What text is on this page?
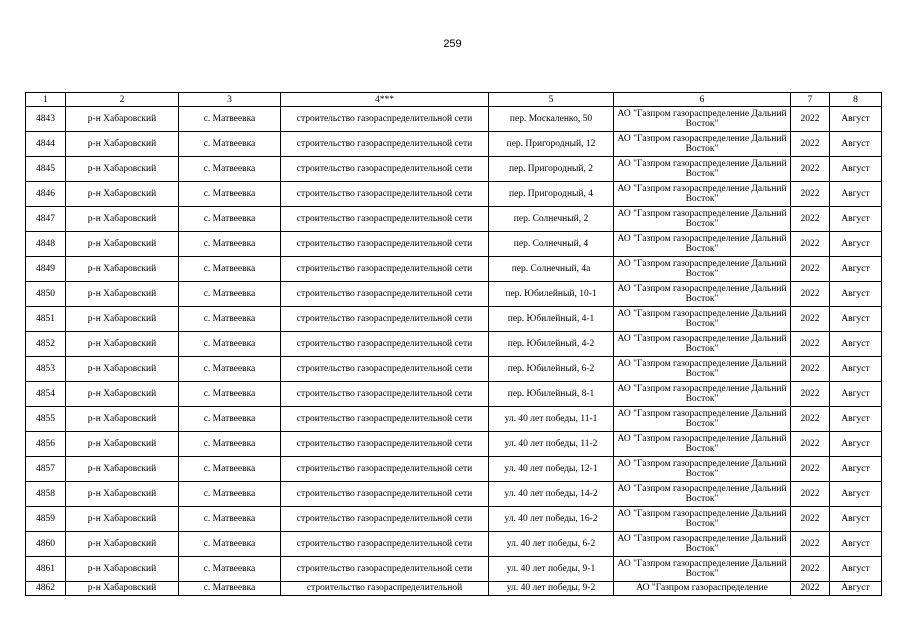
259
1	2	3	4***	5	6	7	8
4843	р-н Хабаровский	с. Матвеевка	строительство газораспределительной сети	пер. Москаленко, 50	АО "Газпром газораспределение Дальний Восток"	2022	Август
4844	р-н Хабаровский	с. Матвеевка	строительство газораспределительной сети	пер. Пригородный, 12	АО "Газпром газораспределение Дальний Восток"	2022	Август
4845	р-н Хабаровский	с. Матвеевка	строительство газораспределительной сети	пер. Пригородный, 2	АО "Газпром газораспределение Дальний Восток"	2022	Август
4846	р-н Хабаровский	с. Матвеевка	строительство газораспределительной сети	пер. Пригородный, 4	АО "Газпром газораспределение Дальний Восток"	2022	Август
4847	р-н Хабаровский	с. Матвеевка	строительство газораспределительной сети	пер. Солнечный, 2	АО "Газпром газораспределение Дальний Восток"	2022	Август
4848	р-н Хабаровский	с. Матвеевка	строительство газораспределительной сети	пер. Солнечный, 4	АО "Газпром газораспределение Дальний Восток"	2022	Август
4849	р-н Хабаровский	с. Матвеевка	строительство газораспределительной сети	пер. Солнечный, 4а	АО "Газпром газораспределение Дальний Восток"	2022	Август
4850	р-н Хабаровский	с. Матвеевка	строительство газораспределительной сети	пер. Юбилейный, 10-1	АО "Газпром газораспределение Дальний Восток"	2022	Август
4851	р-н Хабаровский	с. Матвеевка	строительство газораспределительной сети	пер. Юбилейный, 4-1	АО "Газпром газораспределение Дальний Восток"	2022	Август
4852	р-н Хабаровский	с. Матвеевка	строительство газораспределительной сети	пер. Юбилейный, 4-2	АО "Газпром газораспределение Дальний Восток"	2022	Август
4853	р-н Хабаровский	с. Матвеевка	строительство газораспределительной сети	пер. Юбилейный, 6-2	АО "Газпром газораспределение Дальний Восток"	2022	Август
4854	р-н Хабаровский	с. Матвеевка	строительство газораспределительной сети	пер. Юбилейный, 8-1	АО "Газпром газораспределение Дальний Восток"	2022	Август
4855	р-н Хабаровский	с. Матвеевка	строительство газораспределительной сети	ул. 40 лет победы, 11-1	АО "Газпром газораспределение Дальний Восток"	2022	Август
4856	р-н Хабаровский	с. Матвеевка	строительство газораспределительной сети	ул. 40 лет победы, 11-2	АО "Газпром газораспределение Дальний Восток"	2022	Август
4857	р-н Хабаровский	с. Матвеевка	строительство газораспределительной сети	ул. 40 лет победы, 12-1	АО "Газпром газораспределение Дальний Восток"	2022	Август
4858	р-н Хабаровский	с. Матвеевка	строительство газораспределительной сети	ул. 40 лет победы, 14-2	АО "Газпром газораспределение Дальний Восток"	2022	Август
4859	р-н Хабаровский	с. Матвеевка	строительство газораспределительной сети	ул. 40 лет победы, 16-2	АО "Газпром газораспределение Дальний Восток"	2022	Август
4860	р-н Хабаровский	с. Матвеевка	строительство газораспределительной сети	ул. 40 лет победы, 6-2	АО "Газпром газораспределение Дальний Восток"	2022	Август
4861	р-н Хабаровский	с. Матвеевка	строительство газораспределительной сети	ул. 40 лет победы, 9-1	АО "Газпром газораспределение Дальний Восток"	2022	Август
4862	р-н Хабаровский	с. Матвеевка	строительство газораспределительной	ул. 40 лет победы, 9-2	АО "Газпром газораспределение	2022	Август
